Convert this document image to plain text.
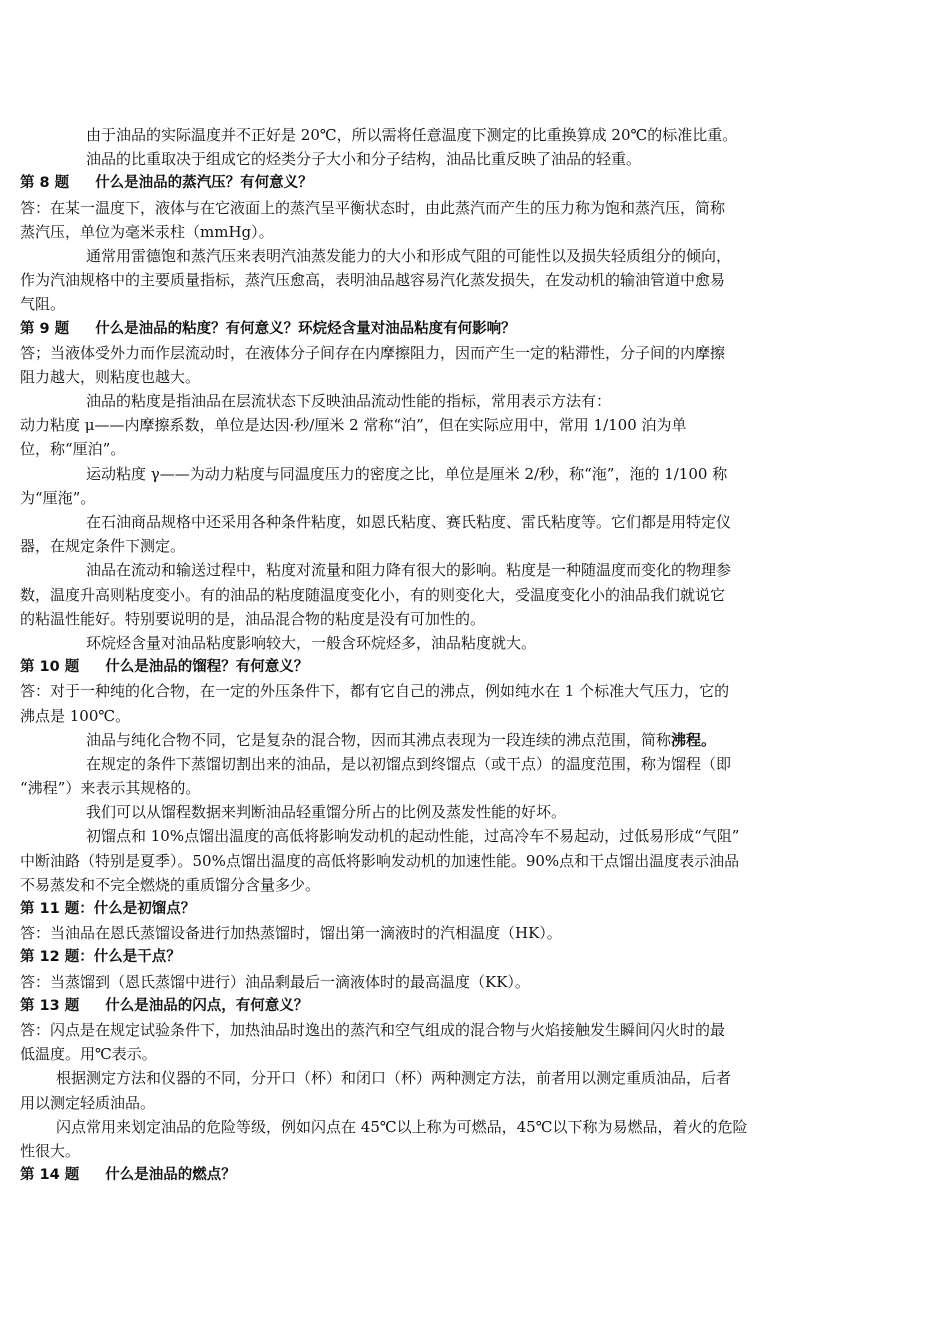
由于油品的实际温度并不正好是 20℃，所以需将任意温度下测定的比重换算成 20℃的标准比重。
油品的比重取决于组成它的烃类分子大小和分子结构，油品比重反映了油品的轻重。
第 8 题 什么是油品的蒸汽压？有何意义？
答：在某一温度下，液体与在它液面上的蒸汽呈平衡状态时，由此蒸汽而产生的压力称为饱和蒸汽压，简称
蒸汽压，单位为毫米汞柱（mmHg）。
通常用雷德饱和蒸汽压来表明汽油蒸发能力的大小和形成气阻的可能性以及损失轻质组分的倾向，
作为汽油规格中的主要质量指标，蒸汽压愈高，表明油品越容易汽化蒸发损失，在发动机的输油管道中愈易
气阻。
第 9 题 什么是油品的粘度？有何意义？环烷烃含量对油品粘度有何影响？
答；当液体受外力而作层流动时，在液体分子间存在内摩擦阻力，因而产生一定的粘滞性，分子间的内摩擦
阻力越大，则粘度也越大。
油品的粘度是指油品在层流状态下反映油品流动性能的指标，常用表示方法有：
动力粘度 μ——内摩擦系数，单位是达因·秒/厘米 2 常称“泊”，但在实际应用中，常用 1/100 泊为单
位，称“厘泊”。
运动粘度 γ——为动力粘度与同温度压力的密度之比，单位是厘米 2/秒，称“沲”，沲的 1/100 称
为“厘沲”。
在石油商品规格中还采用各种条件粘度，如恩氏粘度、赛氏粘度、雷氏粘度等。它们都是用特定仪
器，在规定条件下测定。
油品在流动和输送过程中，粘度对流量和阻力降有很大的影响。粘度是一种随温度而变化的物理参
数，温度升高则粘度变小。有的油品的粘度随温度变化小，有的则变化大，受温度变化小的油品我们就说它
的粘温性能好。特别要说明的是，油品混合物的粘度是没有可加性的。
环烷烃含量对油品粘度影响较大，一般含环烷烃多，油品粘度就大。
第 10 题 什么是油品的馏程？有何意义？
答：对于一种纯的化合物，在一定的外压条件下，都有它自己的沸点，例如纯水在 1 个标准大气压力，它的
沸点是 100℃。
油品与纯化合物不同，它是复杂的混合物，因而其沸点表现为一段连续的沸点范围，简称沸程。
在规定的条件下蒸馏切割出来的油品，是以初馏点到终馏点（或干点）的温度范围，称为馏程（即
“沸程”）来表示其规格的。
我们可以从馏程数据来判断油品轻重馏分所占的比例及蒸发性能的好坏。
初馏点和 10%点馏出温度的高低将影响发动机的起动性能，过高冷车不易起动，过低易形成“气阻”
中断油路（特别是夏季）。50%点馏出温度的高低将影响发动机的加速性能。90%点和干点馏出温度表示油品
不易蒸发和不完全燃烧的重质馏分含量多少。
第 11 题：什么是初馏点？
答：当油品在恩氏蒸馏设备进行加热蒸馏时，馏出第一滴液时的汽相温度（HK）。
第 12 题：什么是干点？
答：当蒸馏到（恩氏蒸馏中进行）油品剩最后一滴液体时的最高温度（KK）。
第 13 题 什么是油品的闪点，有何意义？
答：闪点是在规定试验条件下，加热油品时逸出的蒸汽和空气组成的混合物与火焰接触发生瞬间闪火时的最
低温度。用℃表示。
根据测定方法和仪器的不同，分开口（杯）和闭口（杯）两种测定方法，前者用以测定重质油品，后者
用以测定轻质油品。
闪点常用来划定油品的危险等级，例如闪点在 45℃以上称为可燃品，45℃以下称为易燃品，着火的危险
性很大。
第 14 题 什么是油品的燃点？
